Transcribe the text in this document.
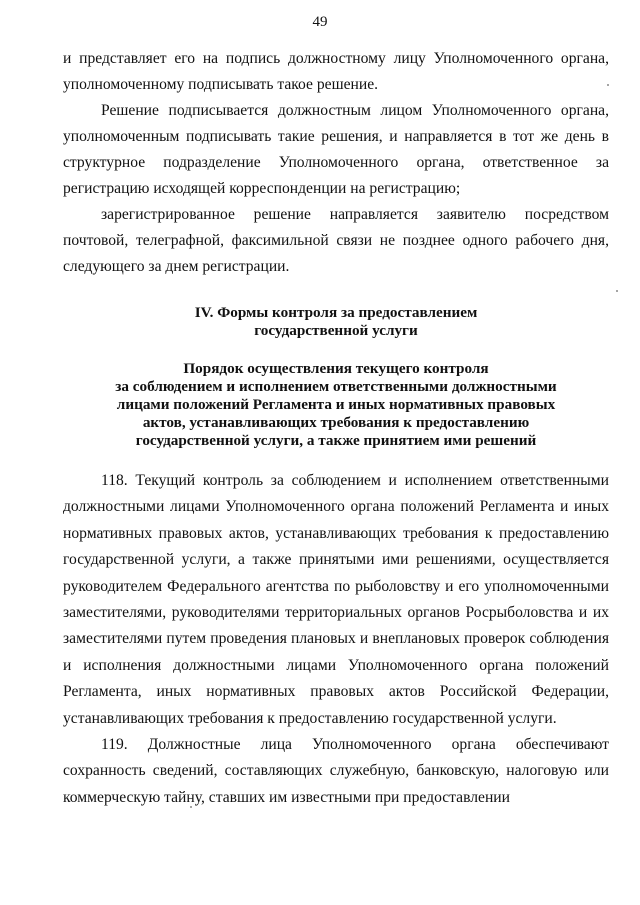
49

и представляет его на подпись должностному лицу Уполномоченного органа, уполномоченному подписывать такое решение.

Решение подписывается должностным лицом Уполномоченного органа, уполномоченным подписывать такие решения, и направляется в тот же день в структурное подразделение Уполномоченного органа, ответственное за регистрацию исходящей корреспонденции на регистрацию;

зарегистрированное решение направляется заявителю посредством почтовой, телеграфной, факсимильной связи не позднее одного рабочего дня, следующего за днем регистрации.

IV. Формы контроля за предоставлением
государственной услуги
Порядок осуществления текущего контроля
за соблюдением и исполнением ответственными должностными
лицами положений Регламента и иных нормативных правовых
актов, устанавливающих требования к предоставлению
государственной услуги, а также принятием ими решений

118. Текущий контроль за соблюдением и исполнением ответственными должностными лицами Уполномоченного органа положений Регламента и иных нормативных правовых актов, устанавливающих требования к предоставлению государственной услуги, а также принятыми ими решениями, осуществляется руководителем Федерального агентства по рыболовству и его уполномоченными заместителями, руководителями территориальных органов Росрыболовства и их заместителями путем проведения плановых и внеплановых проверок соблюдения и исполнения должностными лицами Уполномоченного органа положений Регламента, иных нормативных правовых актов Российской Федерации, устанавливающих требования к предоставлению государственной услуги.

119. Должностные лица Уполномоченного органа обеспечивают сохранность сведений, составляющих служебную, банковскую, налоговую или коммерческую тайну, ставших им известными при предоставлении
